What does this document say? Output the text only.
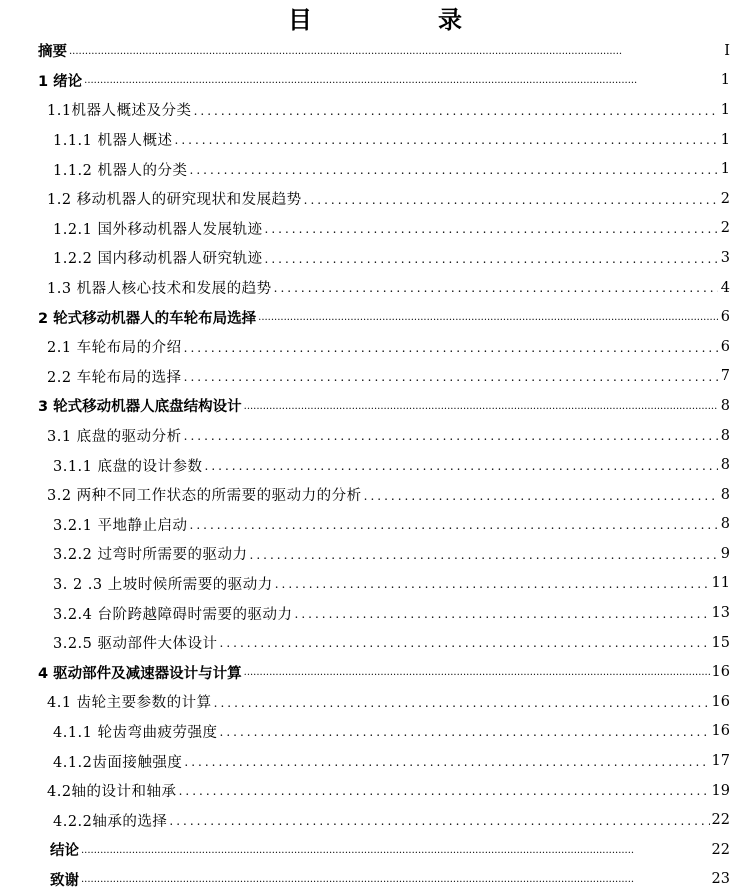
目	录
摘要 .....	I
1 绪论 .....	1
1.1机器人概述及分类 .....	1
1.1.1 机器人概述 .....	1
1.1.2 机器人的分类 .....	1
1.2 移动机器人的研究现状和发展趋势 .....	2
1.2.1 国外移动机器人发展轨迹 .....	2
1.2.2 国内移动机器人研究轨迹 .....	3
1.3 机器人核心技术和发展的趋势 .....	4
2 轮式移动机器人的车轮布局选择 .....	6
2.1 车轮布局的介绍 .....	6
2.2 车轮布局的选择 .....	7
3 轮式移动机器人底盘结构设计 .....	8
3.1 底盘的驱动分析 .....	8
3.1.1 底盘的设计参数 .....	8
3.2 两种不同工作状态的所需要的驱动力的分析 .....	8
3.2.1 平地静止启动 .....	8
3.2.2 过弯时所需要的驱动力 .....	9
3. 2 .3 上坡时候所需要的驱动力 .....	11
3.2.4 台阶跨越障碍时需要的驱动力 .....	13
3.2.5 驱动部件大体设计 .....	15
4 驱动部件及减速器设计与计算 .....	16
4.1 齿轮主要参数的计算 .....	16
4.1.1 轮齿弯曲疲劳强度 .....	16
4.1.2齿面接触强度 .....	17
4.2轴的设计和轴承 .....	19
4.2.2轴承的选择 .....	22
结论 .....	22
致谢 .....	23
